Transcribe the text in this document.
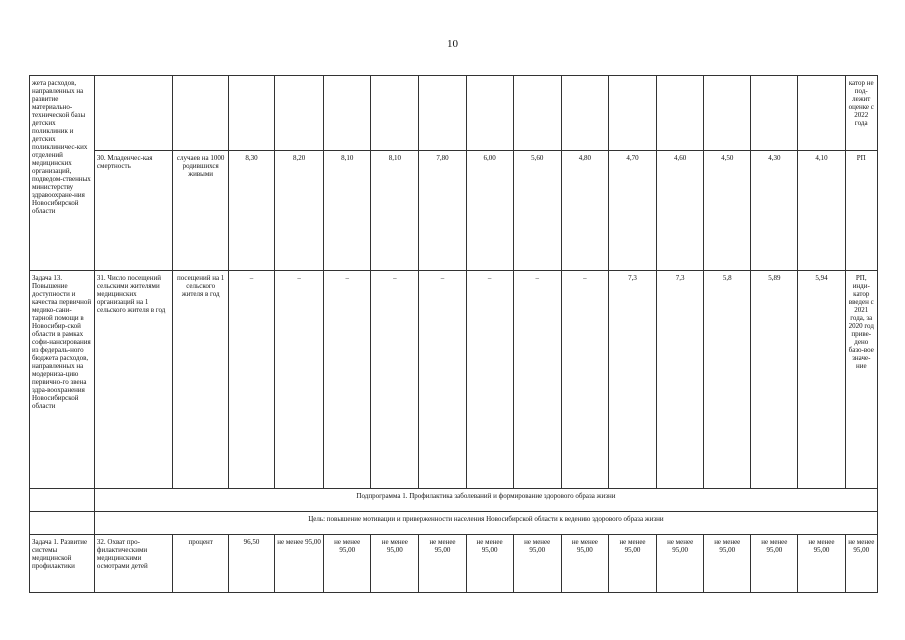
10
жета расходов, направленных на развитие материально-технической базы детских поликлиник и детских поликлиничес-ких отделений медицинских организаций, подведом-ственных министерству здравоохране-ния Новосибирской области																катор не под-лежит оценке с 2022 года
	30. Младенчес-кая смертность	случаев на 1000 родившихся живыми	8,30	8,20	8,10	8,10	7,80	6,00	5,60	4,80	4,70	4,60	4,50	4,30	4,10	РП
Задача 13. Повышение доступности и качества первичной медико-сани-тарной помощи в Новосибир-ской области в рамках софи-нансирования из федераль-ного бюджета расходов, направленных на модерниза-цию первично-го звена здра-воохранения Новосибирской области	31. Число посещений сельскими жителями медицинских организаций на 1 сельского жителя в год	посещений на 1 сельского жителя в год	–	–	–	–	–	–	–	–	7,3	7,3	5,8	5,89	5,94	РП, инди-катор введен с 2021 года, за 2020 год приве-дено базо-вое значе-ние
	Подпрограмма 1. Профилактика заболеваний и формирование здорового образа жизни															
	Цель: повышение мотивации и приверженности населения Новосибирской области к ведению здорового образа жизни															
Задача 1. Развитие системы медицинской профилактики	32. Охват про-филактическими медицинскими осмотрами детей	процент	96,50	не менее 95,00	не менее 95,00	не менее 95,00	не менее 95,00	не менее 95,00	не менее 95,00	не менее 95,00	не менее 95,00	не менее 95,00	не менее 95,00	не менее 95,00	не менее 95,00	не менее 95,00
